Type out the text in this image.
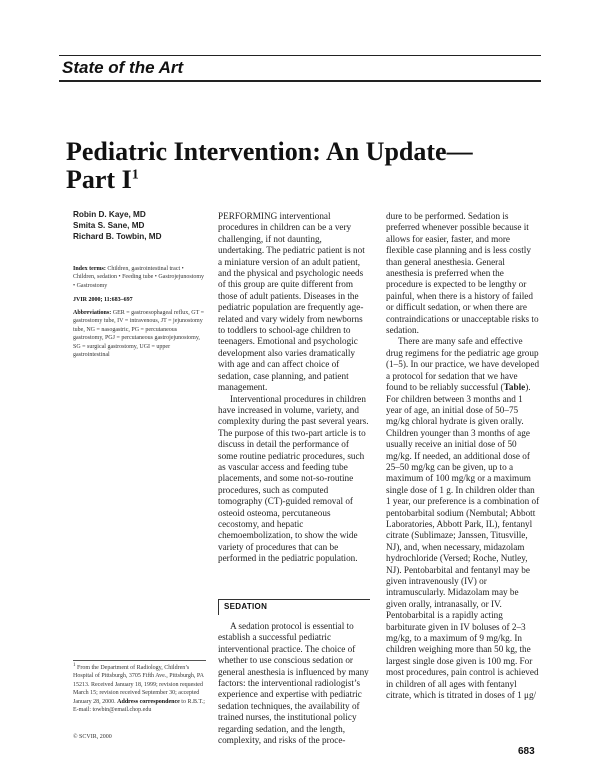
State of the Art
Pediatric Intervention: An Update—
Part $I^1$
Robin D. Kaye, MD
Smita S. Sane, MD
Richard B. Towbin, MD
Index terms: Children, gastrointestinal tract • Children, sedation • Feeding tube • Gastrojejunostomy • Gastrostomy
JVIR 2000; 11:683–697
Abbreviations: GER = gastroesophageal reflux, GT = gastrostomy tube, IV = intravenous, JT = jejunostomy tube, NG = nasogastric, PG = percutaneous gastrostomy, PGJ = percutaneous gastrojejunostomy, SG = surgical gastrostomy, UGI = upper gastrointestinal
$^1$ From the Department of Radiology, Children’s Hospital of Pittsburgh, 3705 Fifth Ave., Pittsburgh, PA 15213. Received January 18, 1999; revision requested March 15; revision received September 30; accepted January 28, 2000. Address correspondence to R.B.T.; E-mail: towbin@email.chop.edu
© SCVIR, 2000

PERFORMING interventional procedures in children can be a very challenging, if not daunting, undertaking. The pediatric patient is not a miniature version of an adult patient, and the physical and psychologic needs of this group are quite different from those of adult patients. Diseases in the pediatric population are frequently age-related and vary widely from newborns to toddlers to school-age children to teenagers. Emotional and psychologic development also varies dramatically with age and can affect choice of sedation, case planning, and patient management.

Interventional procedures in children have increased in volume, variety, and complexity during the past several years. The purpose of this two-part article is to discuss in detail the performance of some routine pediatric procedures, such as vascular access and feeding tube placements, and some not-so-routine procedures, such as computed tomography (CT)-guided removal of osteoid osteoma, percutaneous cecostomy, and hepatic chemoembolization, to show the wide variety of procedures that can be performed in the pediatric population.

SEDATION

A sedation protocol is essential to establish a successful pediatric interventional practice. The choice of whether to use conscious sedation or general anesthesia is influenced by many factors: the interventional radiologist’s experience and expertise with pediatric sedation techniques, the availability of trained nurses, the institutional policy regarding sedation, and the length, complexity, and risks of the proce-

dure to be performed. Sedation is preferred whenever possible because it allows for easier, faster, and more flexible case planning and is less costly than general anesthesia. General anesthesia is preferred when the procedure is expected to be lengthy or painful, when there is a history of failed or difficult sedation, or when there are contraindications or unacceptable risks to sedation.

There are many safe and effective drug regimens for the pediatric age group (1–5). In our practice, we have developed a protocol for sedation that we have found to be reliably successful (Table). For children between 3 months and 1 year of age, an initial dose of 50–75 mg/kg chloral hydrate is given orally. Children younger than 3 months of age usually receive an initial dose of 50 mg/kg. If needed, an additional dose of 25–50 mg/kg can be given, up to a maximum of 100 mg/kg or a maximum single dose of 1 g. In children older than 1 year, our preference is a combination of pentobarbital sodium (Nembutal; Abbott Laboratories, Abbott Park, IL), fentanyl citrate (Sublimaze; Janssen, Titusville, NJ), and, when necessary, midazolam hydrochloride (Versed; Roche, Nutley, NJ). Pentobarbital and fentanyl may be given intravenously (IV) or intramuscularly. Midazolam may be given orally, intranasally, or IV. Pentobarbital is a rapidly acting barbiturate given in IV boluses of 2–3 mg/kg, to a maximum of 9 mg/kg. In children weighing more than 50 kg, the largest single dose given is 100 mg. For most procedures, pain control is achieved in children of all ages with fentanyl citrate, which is titrated in doses of 1 μg/

683
